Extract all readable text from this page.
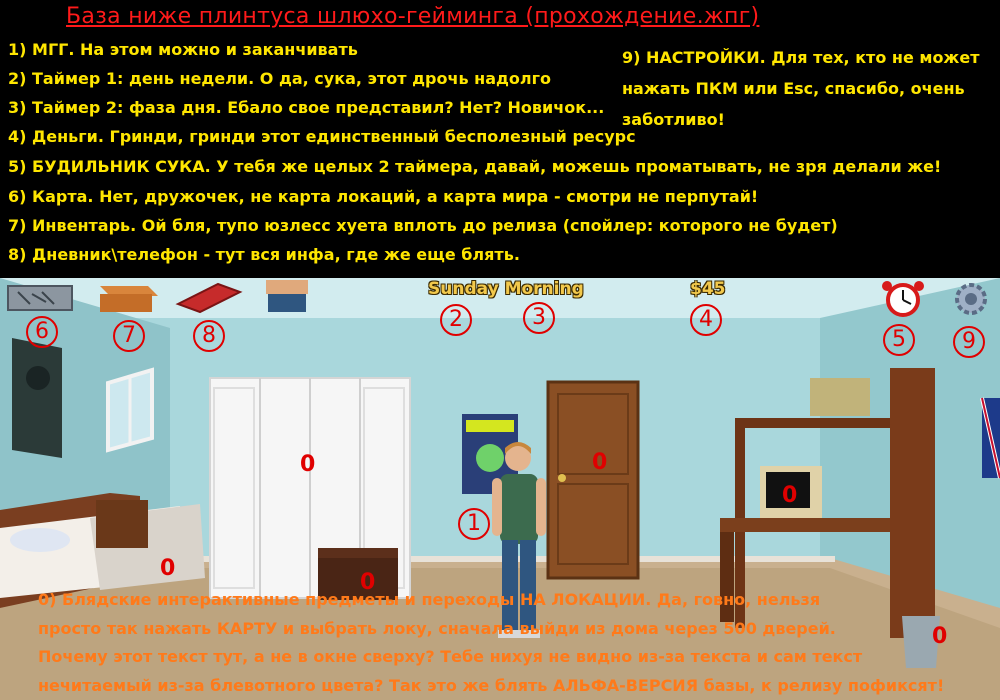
База ниже плинтуса шлюхо-гейминга (прохождение.жпг)
1) МГГ. На этом можно и заканчивать
2) Таймер 1: день недели. О да, сука, этот дрочь надолго
3) Таймер 2: фаза дня. Ебало свое представил? Нет? Новичок...
4) Деньги. Гринди, гринди этот единственный бесполезный ресурс
5) БУДИЛЬНИК СУКА. У тебя же целых 2 таймера, давай, можешь проматывать, не зря делали же!
6) Карта. Нет, дружочек, не карта локаций, а карта мира - смотри не перпутай!
7) Инвентарь. Ой бля, тупо юзлесс хуета вплоть до релиза (спойлер: которого не будет)
8) Дневник\телефон - тут вся инфа, где же еще блять.
9) НАСТРОЙКИ. Для тех, кто не может нажать ПКМ или Esc, спасибо, очень заботливо!
Sunday Morning	$45
6	7	8
2	3	4
5	9
1
0	0
0
0
0
0
0) Блядские интерактивные предметы и переходы НА ЛОКАЦИИ. Да, говно, нельзя
просто так нажать КАРТУ и выбрать локу, сначала выйди из дома через 500 дверей.
Почему этот текст тут, а не в окне сверху? Тебе нихуя не видно из-за текста и сам текст
нечитаемый из-за блевотного цвета? Так это же блять АЛЬФА-ВЕРСИЯ базы, к релизу пофиксят!
